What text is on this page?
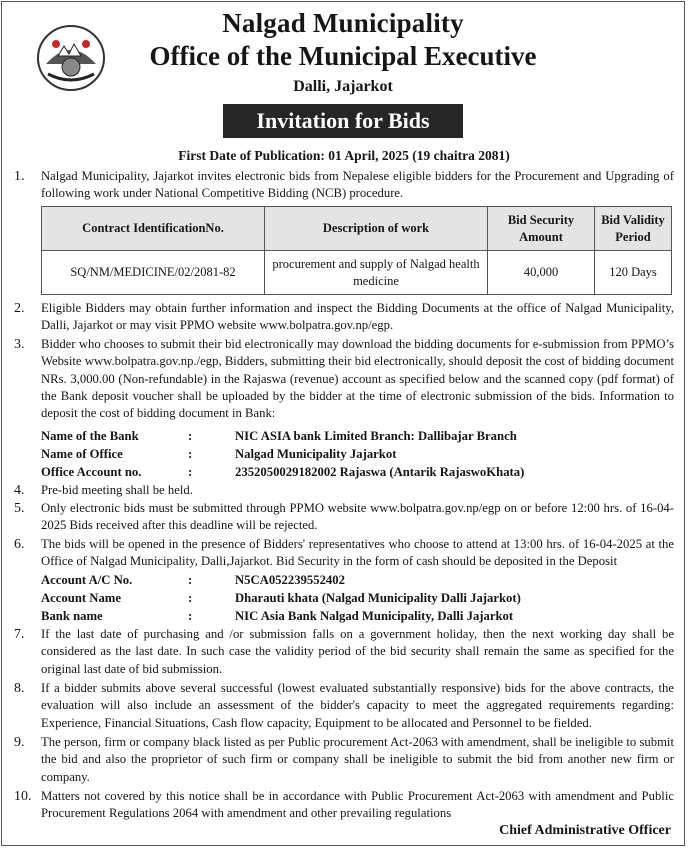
Nalgad Municipality
Office of the Municipal Executive
Dalli, Jajarkot
Invitation for Bids
First Date of Publication: 01 April, 2025 (19 chaitra 2081)
1.	Nalgad Municipality, Jajarkot invites electronic bids from Nepalese eligible bidders for the Procurement and Upgrading of following work under National Competitive Bidding (NCB) procedure.
Contract IdentificationNo.	Description of work	Bid Security Amount	Bid Validity Period
SQ/NM/MEDICINE/02/2081-82	procurement and supply of Nalgad health medicine	40,000	120 Days
2.	Eligible Bidders may obtain further information and inspect the Bidding Documents at the office of Nalgad Municipality, Dalli, Jajarkot or may visit PPMO website www.bolpatra.gov.np/egp.
3.	Bidder who chooses to submit their bid electronically may download the bidding documents for e-submission from PPMO’s Website www.bolpatra.gov.np./egp, Bidders, submitting their bid electronically, should deposit the cost of bidding document NRs. 3,000.00 (Non-refundable) in the Rajaswa (revenue) account as specified below and the scanned copy (pdf format) of the Bank deposit voucher shall be uploaded by the bidder at the time of electronic submission of the bids. Information to deposit the cost of bidding document in Bank:
Name of the Bank	:	NIC ASIA bank Limited Branch: Dallibajar Branch
Name of Office	:	Nalgad Municipality Jajarkot
Office Account no.	:	2352050029182002 Rajaswa (Antarik RajaswoKhata)
4.	Pre-bid meeting shall be held.
5.	Only electronic bids must be submitted through PPMO website www.bolpatra.gov.np/egp on or before 12:00 hrs. of 16-04-2025 Bids received after this deadline will be rejected.
6.	The bids will be opened in the presence of Bidders' representatives who choose to attend at 13:00 hrs. of 16-04-2025 at the Office of Nalgad Municipality, Dalli,Jajarkot. Bid Security in the form of cash should be deposited in the Deposit
Account A/C No.	:	N5CA052239552402
Account Name	:	Dharauti khata (Nalgad Municipality Dalli Jajarkot)
Bank name	:	NIC Asia Bank Nalgad Municipality, Dalli Jajarkot
7.	If the last date of purchasing and /or submission falls on a government holiday, then the next working day shall be considered as the last date. In such case the validity period of the bid security shall remain the same as specified for the original last date of bid submission.
8.	If a bidder submits above several successful (lowest evaluated substantially responsive) bids for the above contracts, the evaluation will also include an assessment of the bidder's capacity to meet the aggregated requirements regarding: Experience, Financial Situations, Cash flow capacity, Equipment to be allocated and Personnel to be fielded.
9.	The person, firm or company black listed as per Public procurement Act-2063 with amendment, shall be ineligible to submit the bid and also the proprietor of such firm or company shall be ineligible to submit the bid from another new firm or company.
10. Matters not covered by this notice shall be in accordance with Public Procurement Act-2063 with amendment and Public Procurement Regulations 2064 with amendment and other prevailing regulations
Chief Administrative Officer
